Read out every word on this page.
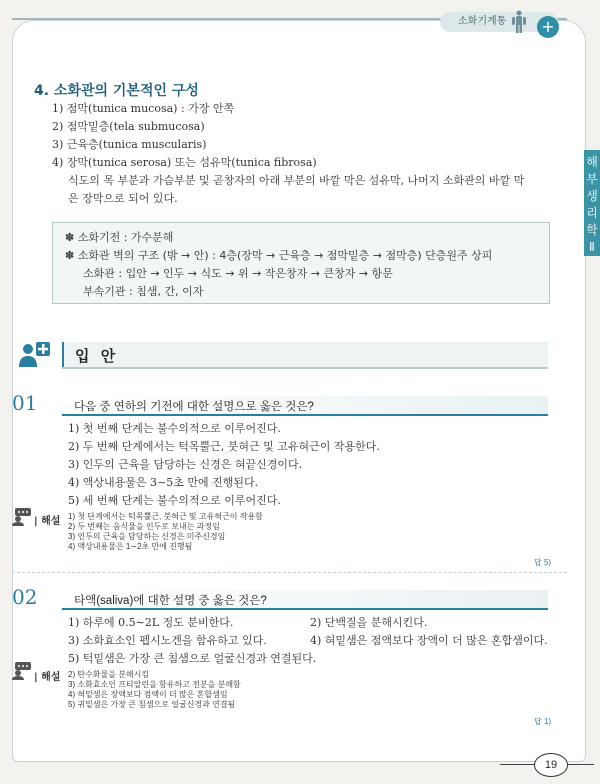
소화기계통	+
해
부
생
리
학
Ⅱ
4. 소화관의 기본적인 구성
1) 점막(tunica mucosa) : 가장 안쪽
2) 점막밑층(tela submucosa)
3) 근육층(tunica muscularis)
4) 장막(tunica serosa) 또는 섬유막(tunica fibrosa)
식도의 목 부분과 가슴부분 및 곧창자의 아래 부분의 바깥 막은 섬유막, 나머지 소화관의 바깥 막
은 장막으로 되어 있다.
✽ 소화기전 : 가수분해
✽ 소화관 벽의 구조 (밖 → 안) : 4층(장막 → 근육층 → 점막밑층 → 점막층) 단층원주 상피
소화관 : 입안 → 인두 → 식도 → 위 → 작은창자 → 큰창자 → 항문
부속기관 : 침샘, 간, 이자
입 안
01	다음 중 연하의 기전에 대한 설명으로 옳은 것은?
1) 첫 번째 단계는 불수의적으로 이루어진다.
2) 두 번째 단계에서는 턱목뿔근, 붓혀근 및 고유혀근이 작용한다.
3) 인두의 근육을 담당하는 신경은 혀끝신경이다.
4) 액상내용물은 3∼5초 만에 진행된다.
5) 세 번째 단계는 불수의적으로 이루어진다.
| 해설 1) 첫 단계에서는 턱목뿔근, 붓혀근 및 고유혀근이 작용함
2) 두 번째는 음식물을 인두로 보내는 과정임
3) 인두의 근육을 담당하는 신경은 미주신경임
4) 액상내용물은 1∼2초 만에 진행됨
답 5)
02	타액(saliva)에 대한 설명 중 옳은 것은?
1) 하루에 0.5∼2L 정도 분비한다.	2) 단백질을 분해시킨다.
3) 소화효소인 펩시노겐을 함유하고 있다.	4) 혀밑샘은 점액보다 장액이 더 많은 혼합샘이다.
5) 턱밑샘은 가장 큰 침샘으로 얼굴신경과 연결된다.
| 해설 2) 탄수화물을 분해시킴
3) 소화효소인 프티알린을 함유하고 전분을 분해함
4) 혀밑샘은 장액보다 점액이 더 많은 혼합샘임
5) 귀밑샘은 가장 큰 침샘으로 얼굴신경과 연결됨
답 1)
19
